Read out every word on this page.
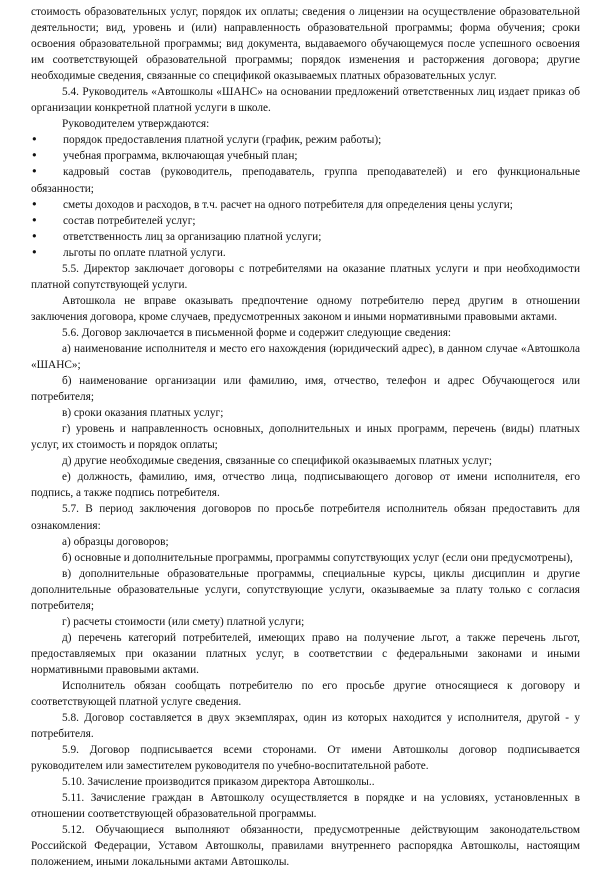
стоимость образовательных услуг, порядок их оплаты; сведения о лицензии на осуществление образовательной деятельности; вид, уровень и (или) направленность образовательной программы; форма обучения; сроки освоения образовательной программы; вид документа, выдаваемого обучающемуся после успешного освоения им соответствующей образовательной программы; порядок изменения и расторжения договора; другие необходимые сведения, связанные со спецификой оказываемых платных образовательных услуг.

5.4. Руководитель «Автошколы «ШАНС» на основании предложений ответственных лиц издает приказ об организации конкретной платной услуги в школе.

Руководителем утверждаются:

• порядок предоставления платной услуги (график, режим работы);
• учебная программа, включающая учебный план;
• кадровый состав (руководитель, преподаватель, группа преподавателей) и его функциональные обязанности;
• сметы доходов и расходов, в т.ч. расчет на одного потребителя для определения цены услуги;
• состав потребителей услуг;
• ответственность лиц за организацию платной услуги;
• льготы по оплате платной услуги.

5.5. Директор заключает договоры с потребителями на оказание платных услуги и при необходимости платной сопутствующей услуги.

Автошкола не вправе оказывать предпочтение одному потребителю перед другим в отношении заключения договора, кроме случаев, предусмотренных законом и иными нормативными правовыми актами.

5.6. Договор заключается в письменной форме и содержит следующие сведения:

а) наименование исполнителя и место его нахождения (юридический адрес), в данном случае «Автошкола «ШАНС»;

б) наименование организации или фамилию, имя, отчество, телефон и адрес Обучающегося или потребителя;

в) сроки оказания платных услуг;

г) уровень и направленность основных, дополнительных и иных программ, перечень (виды) платных услуг, их стоимость и порядок оплаты;

д) другие необходимые сведения, связанные со спецификой оказываемых платных услуг;

е) должность, фамилию, имя, отчество лица, подписывающего договор от имени исполнителя, его подпись, а также подпись потребителя.

5.7. В период заключения договоров по просьбе потребителя исполнитель обязан предоставить для ознакомления:

а) образцы договоров;

б) основные и дополнительные программы, программы сопутствующих услуг (если они предусмотрены),

в) дополнительные образовательные программы, специальные курсы, циклы дисциплин и другие дополнительные образовательные услуги, сопутствующие услуги, оказываемые за плату только с согласия потребителя;

г) расчеты стоимости (или смету) платной услуги;

д) перечень категорий потребителей, имеющих право на получение льгот, а также перечень льгот, предоставляемых при оказании платных услуг, в соответствии с федеральными законами и иными нормативными правовыми актами.

Исполнитель обязан сообщать потребителю по его просьбе другие относящиеся к договору и соответствующей платной услуге сведения.

5.8. Договор составляется в двух экземплярах, один из которых находится у исполнителя, другой - у потребителя.

5.9. Договор подписывается всеми сторонами. От имени Автошколы договор подписывается руководителем или заместителем руководителя по учебно-воспитательной работе.

5.10. Зачисление производится приказом директора Автошколы..

5.11. Зачисление граждан в Автошколу осуществляется в порядке и на условиях, установленных в отношении соответствующей образовательной программы.

5.12. Обучающиеся выполняют обязанности, предусмотренные действующим законодательством Российской Федерации, Уставом Автошколы, правилами внутреннего распорядка Автошколы, настоящим положением, иными локальными актами Автошколы.
